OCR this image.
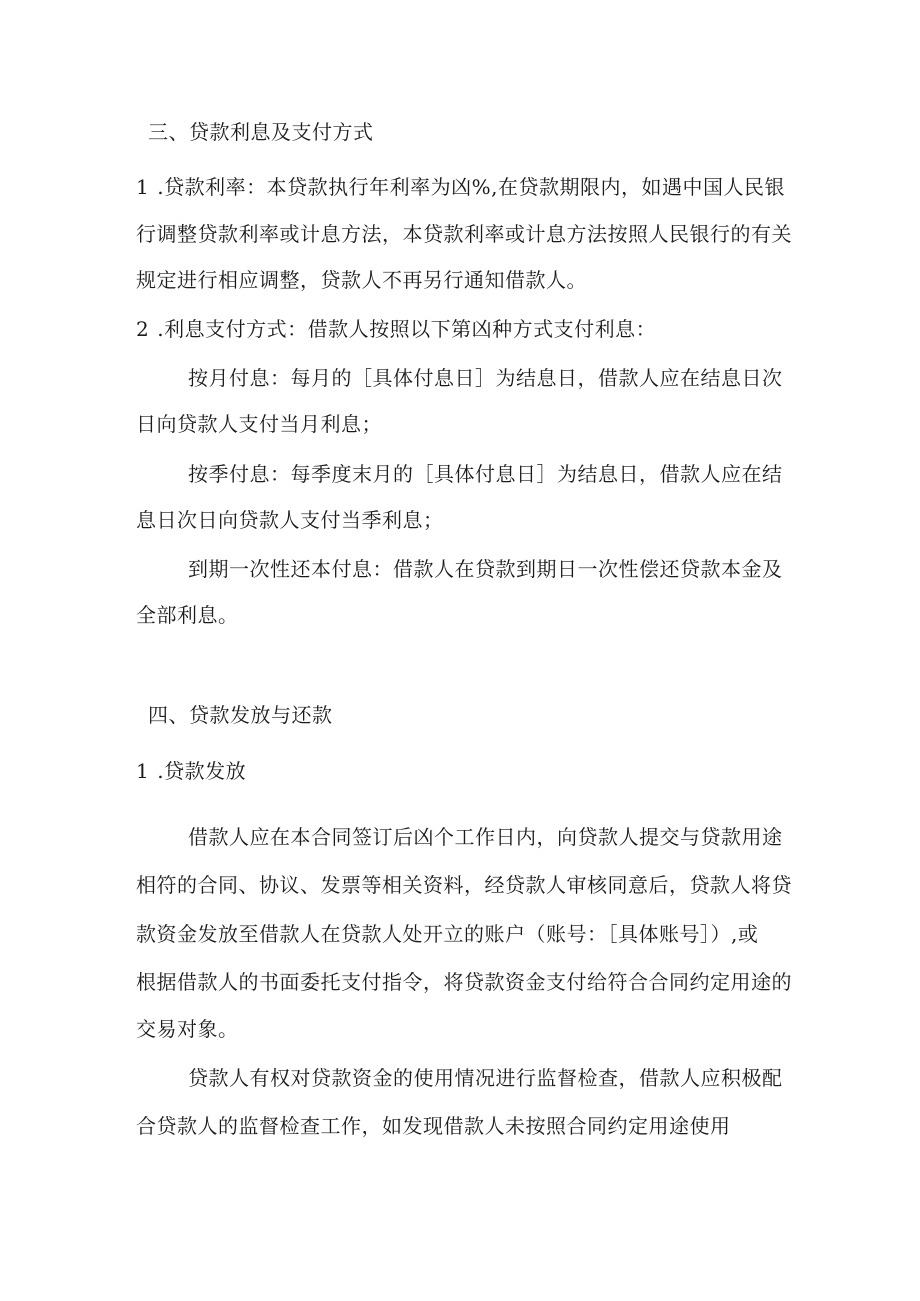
三、贷款利息及支付方式
1 .贷款利率：本贷款执行年利率为凶%,在贷款期限内，如遇中国人民银
行调整贷款利率或计息方法，本贷款利率或计息方法按照人民银行的有关
规定进行相应调整，贷款人不再另行通知借款人。
2 .利息支付方式：借款人按照以下第凶种方式支付利息：
按月付息：每月的［具体付息日］为结息日，借款人应在结息日次
日向贷款人支付当月利息；
按季付息：每季度末月的［具体付息日］为结息日，借款人应在结
息日次日向贷款人支付当季利息；
到期一次性还本付息：借款人在贷款到期日一次性偿还贷款本金及
全部利息。
四、贷款发放与还款
1 .贷款发放
借款人应在本合同签订后凶个工作日内，向贷款人提交与贷款用途
相符的合同、协议、发票等相关资料，经贷款人审核同意后，贷款人将贷
款资金发放至借款人在贷款人处开立的账户（账号：［具体账号］）,或
根据借款人的书面委托支付指令，将贷款资金支付给符合合同约定用途的
交易对象。
贷款人有权对贷款资金的使用情况进行监督检查，借款人应积极配
合贷款人的监督检查工作，如发现借款人未按照合同约定用途使用
